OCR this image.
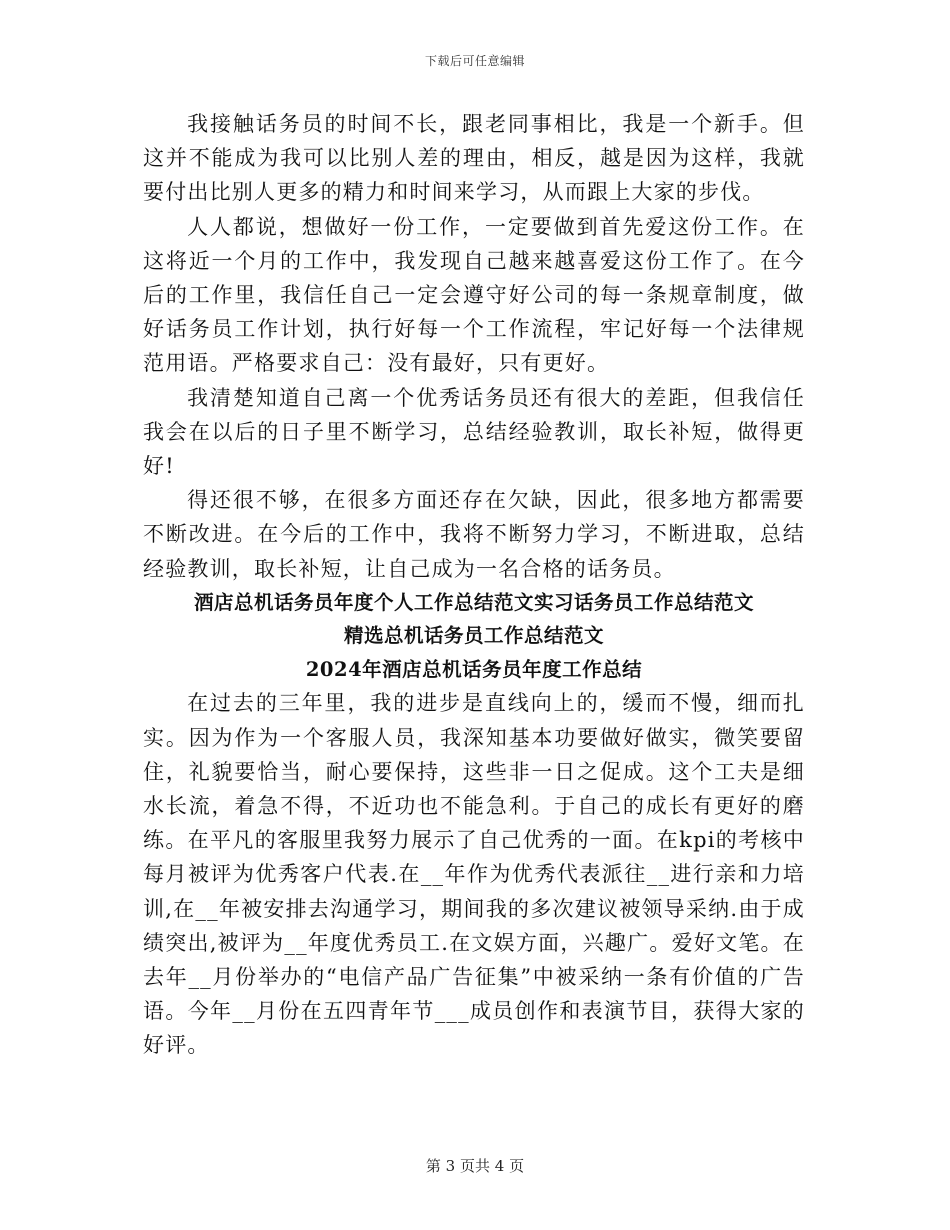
下载后可任意编辑

我接触话务员的时间不长，跟老同事相比，我是一个新手。但这并不能成为我可以比别人差的理由，相反，越是因为这样，我就要付出比别人更多的精力和时间来学习，从而跟上大家的步伐。

人人都说，想做好一份工作，一定要做到首先爱这份工作。在这将近一个月的工作中，我发现自己越来越喜爱这份工作了。在今后的工作里，我信任自己一定会遵守好公司的每一条规章制度，做好话务员工作计划，执行好每一个工作流程，牢记好每一个法律规范用语。严格要求自己：没有最好，只有更好。

我清楚知道自己离一个优秀话务员还有很大的差距，但我信任我会在以后的日子里不断学习，总结经验教训，取长补短，做得更好!

得还很不够，在很多方面还存在欠缺，因此，很多地方都需要不断改进。在今后的工作中，我将不断努力学习，不断进取，总结经验教训，取长补短，让自己成为一名合格的话务员。

酒店总机话务员年度个人工作总结范文实习话务员工作总结范文
精选总机话务员工作总结范文
2024年酒店总机话务员年度工作总结

在过去的三年里，我的进步是直线向上的，缓而不慢，细而扎实。因为作为一个客服人员，我深知基本功要做好做实，微笑要留住，礼貌要恰当，耐心要保持，这些非一日之促成。这个工夫是细水长流，着急不得，不近功也不能急利。于自己的成长有更好的磨练。在平凡的客服里我努力展示了自己优秀的一面。在kpi的考核中每月被评为优秀客户代表.在__年作为优秀代表派往__进行亲和力培训,在__年被安排去沟通学习，期间我的多次建议被领导采纳.由于成绩突出,被评为__年度优秀员工.在文娱方面，兴趣广。爱好文笔。在去年__月份举办的“电信产品广告征集”中被采纳一条有价值的广告语。今年__月份在五四青年节___成员创作和表演节目，获得大家的好评。

第 3 页共 4 页
